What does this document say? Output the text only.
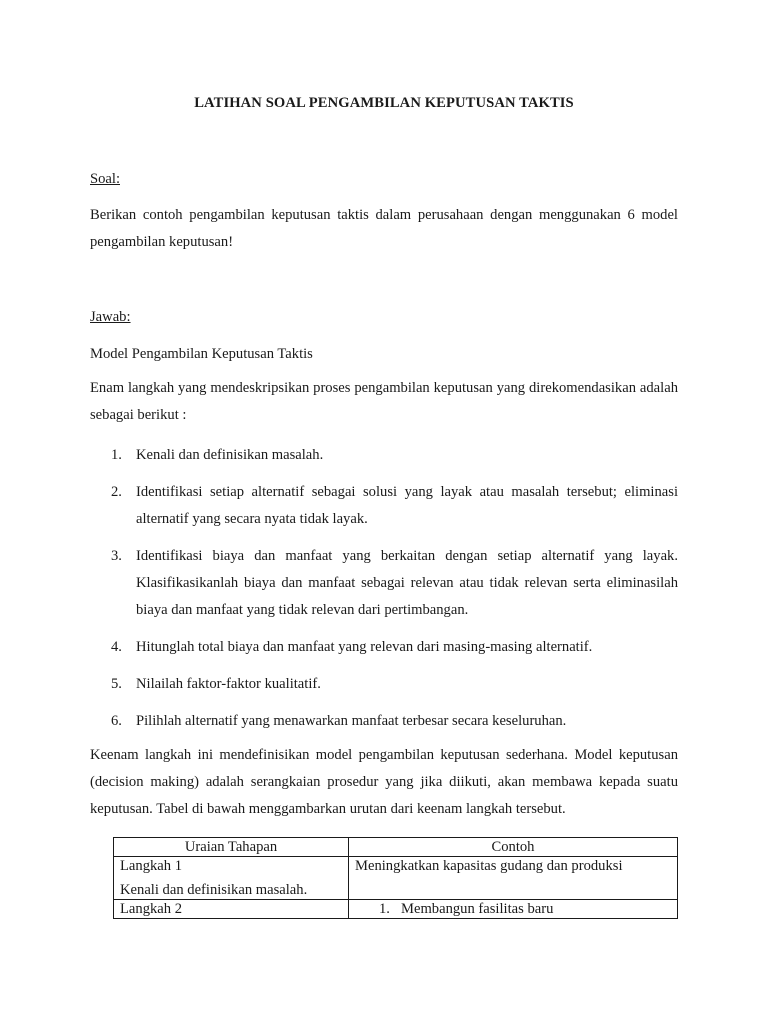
LATIHAN SOAL PENGAMBILAN KEPUTUSAN TAKTIS
Soal:
Berikan contoh pengambilan keputusan taktis dalam perusahaan dengan menggunakan 6 model pengambilan keputusan!
Jawab:
Model Pengambilan Keputusan Taktis
Enam langkah yang mendeskripsikan proses pengambilan keputusan yang direkomendasikan adalah sebagai berikut :
1. Kenali dan definisikan masalah.
2. Identifikasi setiap alternatif sebagai solusi yang layak atau masalah tersebut; eliminasi alternatif yang secara nyata tidak layak.
3. Identifikasi biaya dan manfaat yang berkaitan dengan setiap alternatif yang layak. Klasifikasikanlah biaya dan manfaat sebagai relevan atau tidak relevan serta eliminasilah biaya dan manfaat yang tidak relevan dari pertimbangan.
4. Hitunglah total biaya dan manfaat yang relevan dari masing-masing alternatif.
5. Nilailah faktor-faktor kualitatif.
6. Pilihlah alternatif yang menawarkan manfaat terbesar secara keseluruhan.
Keenam langkah ini mendefinisikan model pengambilan keputusan sederhana. Model keputusan (decision making) adalah serangkaian prosedur yang jika diikuti, akan membawa kepada suatu keputusan. Tabel di bawah menggambarkan urutan dari keenam langkah tersebut.
Uraian Tahapan	Contoh

Langkah 1
Kenali dan definisikan masalah.	Meningkatkan kapasitas gudang dan produksi

Langkah 2	1. Membangun fasilitas baru
